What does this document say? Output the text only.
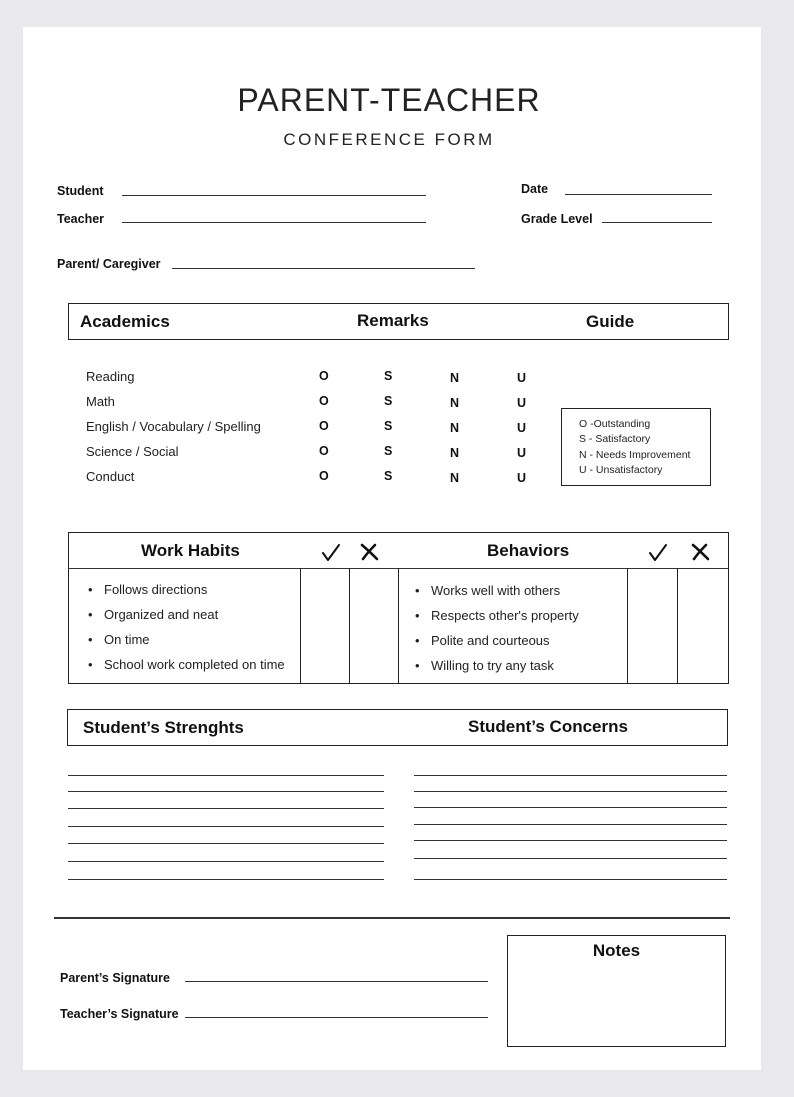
PARENT-TEACHER
CONFERENCE FORM
Student
Teacher
Date
Grade Level
Parent/ Caregiver
Academics	Remarks	Guide
Reading	O	S	N	U
Math	O	S	N	U
English / Vocabulary / Spelling	O	S	N	U
Science / Social	O	S	N	U
Conduct	O	S	N	U
O -Outstanding
S - Satisfactory
N - Needs Improvement
U - Unsatisfactory
Work Habits	Behaviors
• Follows directions
• Organized and neat
• On time
• School work completed on time
• Works well with others
• Respects other's property
• Polite and courteous
• Willing to try any task
Student’s Strenghts	Student’s Concerns
Parent’s Signature
Teacher’s Signature
Notes
